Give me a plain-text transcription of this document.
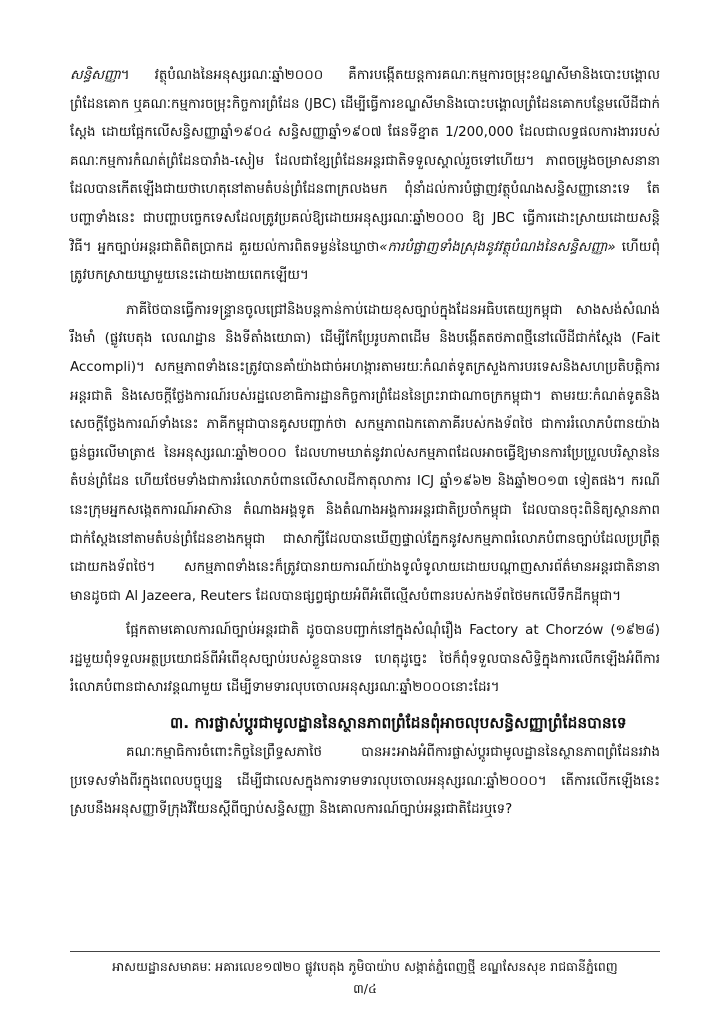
សន្ធិសញ្ញា។ វត្ថុបំណងនៃអនុស្សរណៈឆ្នាំ២០០០ គឺការបង្កើតយន្តការគណៈកម្មការចម្រុះខណ្ឌសីមានិងបោះបង្គោលព្រំដែនគោក ឬគណៈកម្មការចម្រុះកិច្ចការព្រំដែន (JBC) ដើម្បីធ្វើការខណ្ឌសីមានិងបោះបង្គោលព្រំដែនគោកបន្ថែមលើដីជាក់ស្តែង ដោយផ្អែកលើសន្ធិសញ្ញាឆ្នាំ១៩០៤ សន្ធិសញ្ញាឆ្នាំ១៩០៧ ផែនទីខ្នាត 1/200,000 ដែលជាលទ្ធផលការងាររបស់គណៈកម្មការកំណត់ព្រំដែនបារាំង-សៀម ដែលជាខ្សែព្រំដែនអន្តរជាតិទទួលស្គាល់រួចទៅហើយ។ ភាពចម្រូងចម្រាសនានាដែលបានកើតឡើងជាយថាហេតុនៅតាមតំបន់ព្រំដែនពាក្រលងមក ពុំនាំដល់ការបំផ្លាញវត្ថុបំណងសន្ធិសញ្ញានោះទេ តែបញ្ហាទាំងនេះ ជាបញ្ហាបច្ចេកទេសដែលត្រូវប្រគល់ឱ្យដោយអនុស្សរណៈឆ្នាំ២០០០ ឱ្យ JBC ធ្វើការដោះស្រាយដោយសន្តិវិធី។ អ្នកច្បាប់អន្តរជាតិពិតប្រាកដ គួរយល់ការពិតទម្ងន់នៃឃ្លាថា«ការបំផ្លាញទាំងស្រុងនូវវត្ថុបំណងនៃសន្ធិសញ្ញា» ហើយពុំត្រូវបកស្រាយឃ្លាមួយនេះដោយងាយពេកឡើយ។

ភាគីថៃបានធ្វើការទន្ទ្រានចូលជ្រៅនិងបន្តកាន់កាប់ដោយខុសច្បាប់ក្នុងដែនអធិបតេយ្យកម្ពុជា សាងសង់សំណង់រឹងមាំ (ផ្លូវបេតុង លេណដ្ឋាន និងទីតាំងយោធា) ដើម្បីកែប្រែរូបភាពដើម និងបង្កើតតថភាពថ្មីនៅលើដីជាក់ស្តែង (Fait Accompli)។ សកម្មភាពទាំងនេះត្រូវបានគាំយ៉ាងជាច់អហង្ការតាមរយៈកំណត់ទូតក្រសួងការបរទេសនិងសហប្រតិបត្តិការអន្តរជាតិ និងសេចក្តីថ្លែងការណ៍របស់រដ្ឋលេខាធិការដ្ឋានកិច្ចការព្រំដែននៃព្រះរាជាណាចក្រកម្ពុជា។ តាមរយៈកំណត់ទូតនិងសេចក្តីថ្លែងការណ៍ទាំងនេះ ភាគីកម្ពុជាបានគូសបញ្ជាក់ថា សកម្មភាពឯកតោភាគីរបស់កងទ័ពថៃ ជាការរំលោភបំពានយ៉ាងធ្ងន់ធ្ងរលើមាត្រា៥ នៃអនុស្សរណៈឆ្នាំ២០០០ ដែលហាមឃាត់នូវរាល់សកម្មភាពដែលអាចធ្វើឱ្យមានការប្រែប្រួលបរិស្ថាននៃតំបន់ព្រំដែន ហើយថែមទាំងជាការរំលោភបំពានលើសាលដីកាតុលាការ ICJ ឆ្នាំ១៩៦២ និងឆ្នាំ២០១៣ ទៀតផង។ ករណីនេះក្រុមអ្នកសង្កេតការណ៍អាស៊ាន តំណាងអង្គទូត និងតំណាងអង្គការអន្តរជាតិប្រចាំកម្ពុជា ដែលបានចុះពិនិត្យស្ថានភាពជាក់ស្តែងនៅតាមតំបន់ព្រំដែនខាងកម្ពុជា ជាសាក្សីដែលបានឃើញផ្ទាល់ភ្នែកនូវសកម្មភាពរំលោភបំពានច្បាប់ដែលប្រព្រឹត្តដោយកងទ័ពថៃ។ សកម្មភាពទាំងនេះក៏ត្រូវបានរាយការណ៍យ៉ាងទូលំទូលាយដោយបណ្តាញសារព័ត៌មានអន្តរជាតិនានា មានដូចជា Al Jazeera, Reuters ដែលបានផ្សព្វផ្សាយអំពីអំពើល្មើសបំពានរបស់កងទ័ពថៃមកលើទឹកដីកម្ពុជា។

ផ្អែកតាមគោលការណ៍ច្បាប់អន្តរជាតិ ដូចបានបញ្ជាក់នៅក្នុងសំណុំរឿង Factory at Chorzów (១៩២៨) រដ្ឋមួយពុំទទួលអត្ថប្រយោជន៍ពីអំពើខុសច្បាប់របស់ខ្លួនបានទេ ហេតុដូច្នេះ ថៃក៏ពុំទទួលបានសិទ្ធិក្នុងការលើកឡើងអំពីការរំលោភបំពានជាសារវន្តណាមួយ ដើម្បីទាមទារលុបចោលអនុស្សរណៈឆ្នាំ២០០០នោះដែរ។

៣. ការផ្លាស់ប្តូរជាមូលដ្ឋាននៃស្ថានភាពព្រំដែនពុំអាចលុបសន្ធិសញ្ញាព្រំដែនបានទេ

គណៈកម្មាធិការចំពោះកិច្ចនៃព្រឹទ្ធសភាថៃ បានអះអាងអំពីការផ្លាស់ប្តូរជាមូលដ្ឋាននៃស្ថានភាពព្រំដែនរវាងប្រទេសទាំងពីរក្នុងពេលបច្ចុប្បន្ន ដើម្បីជាលេសក្នុងការទាមទារលុបចោលអនុស្សរណៈឆ្នាំ២០០០។ តើការលើកឡើងនេះ ស្របនឹងអនុសញ្ញាទីក្រុងវីយែនស្តីពីច្បាប់សន្ធិសញ្ញា និងគោលការណ៍ច្បាប់អន្តរជាតិដែរឬទេ?

អាសយដ្ឋានសមាគមៈ អគារលេខ១៧២០ ផ្លូវបេតុង ភូមិបាយ៉ាប សង្កាត់ភ្នំពេញថ្មី ខណ្ឌសែនសុខ រាជធានីភ្នំពេញ
៣/៤
